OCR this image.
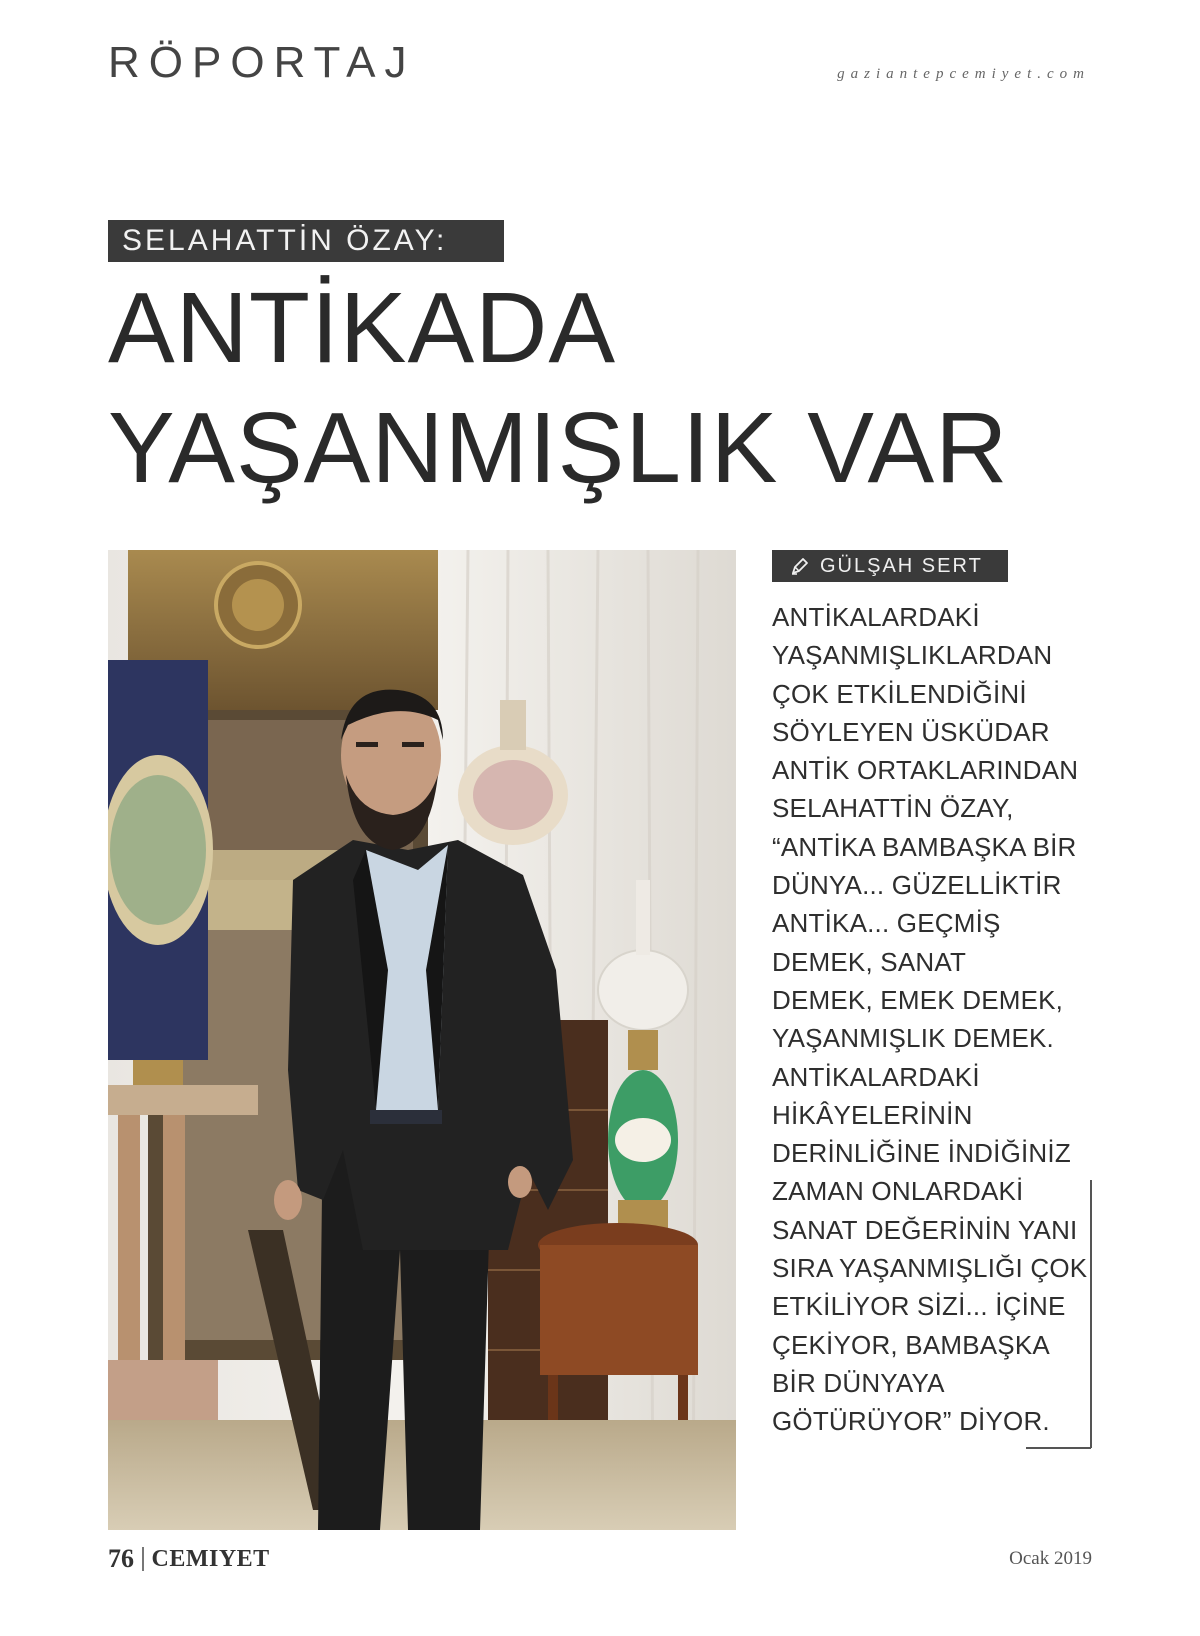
RÖPORTAJ	gaziantepcemiyet.com
SELAHATTİN ÖZAY:
ANTİKADA
YAŞANMIŞLIK VAR
GÜLŞAH SERT
ANTİKALARDAKİ
YAŞANMIŞLIKLARDAN
ÇOK ETKİLENDİĞİNİ
SÖYLEYEN ÜSKÜDAR
ANTİK ORTAKLARINDAN
SELAHATTİN ÖZAY,
“ANTİKA BAMBAŞKA BİR
DÜNYA... GÜZELLİKTİR
ANTİKA... GEÇMİŞ
DEMEK, SANAT
DEMEK, EMEK DEMEK,
YAŞANMIŞLIK DEMEK.
ANTİKALARDAKİ
HİKÂYELERİNİN
DERİNLİĞİNE İNDİĞİNİZ
ZAMAN ONLARDAKİ
SANAT DEĞERİNİN YANI
SIRA YAŞANMIŞLIĞI ÇOK
ETKİLİYOR SİZİ... İÇİNE
ÇEKİYOR, BAMBAŞKA
BİR DÜNYAYA
GÖTÜRÜYOR” DİYOR.
76 CEMIYET	Ocak 2019
